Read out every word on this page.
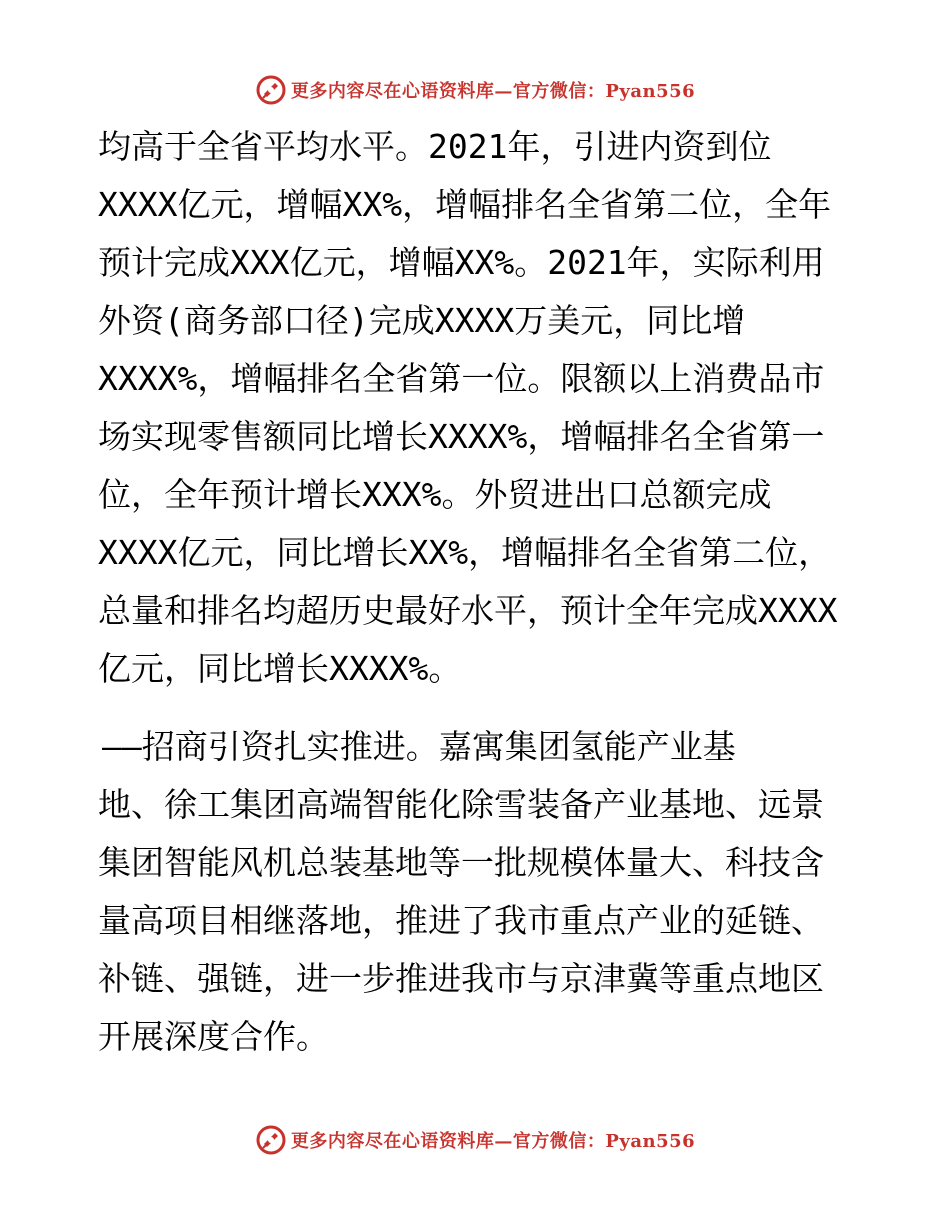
更多内容尽在心语资料库—官方微信：Pyan556
均高于全省平均水平。2021年，引进内资到位
XXXX亿元，增幅XX%，增幅排名全省第二位，全年
预计完成XXX亿元，增幅XX%。2021年，实际利用
外资(商务部口径)完成XXXX万美元，同比增
XXXX%，增幅排名全省第一位。限额以上消费品市
场实现零售额同比增长XXXX%，增幅排名全省第一
位，全年预计增长XXX%。外贸进出口总额完成
XXXX亿元，同比增长XX%，增幅排名全省第二位，
总量和排名均超历史最好水平，预计全年完成XXXX
亿元，同比增长XXXX%。
——招商引资扎实推进。嘉寓集团氢能产业基
地、徐工集团高端智能化除雪装备产业基地、远景
集团智能风机总装基地等一批规模体量大、科技含
量高项目相继落地，推进了我市重点产业的延链、
补链、强链，进一步推进我市与京津冀等重点地区
开展深度合作。
更多内容尽在心语资料库—官方微信：Pyan556
